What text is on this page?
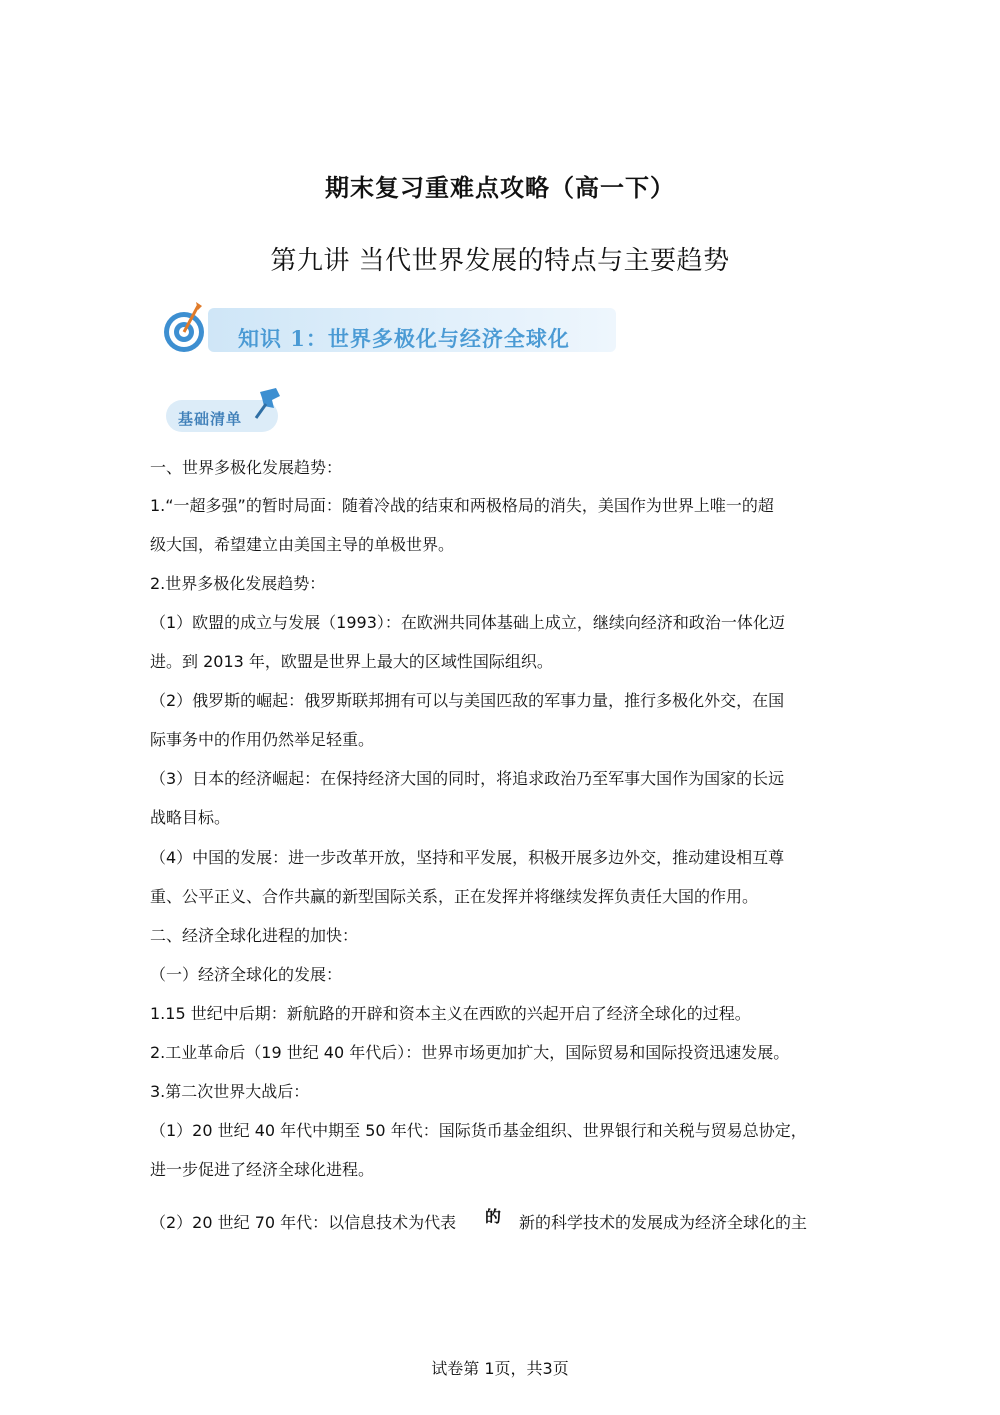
期末复习重难点攻略（高一下）
第九讲 当代世界发展的特点与主要趋势
知识 1：世界多极化与经济全球化
基础清单
一、世界多极化发展趋势：
1.“一超多强”的暂时局面：随着冷战的结束和两极格局的消失，美国作为世界上唯一的超
级大国，希望建立由美国主导的单极世界。
2.世界多极化发展趋势：
（1）欧盟的成立与发展（1993）：在欧洲共同体基础上成立，继续向经济和政治一体化迈
进。到 2013 年，欧盟是世界上最大的区域性国际组织。
（2）俄罗斯的崛起：俄罗斯联邦拥有可以与美国匹敌的军事力量，推行多极化外交，在国
际事务中的作用仍然举足轻重。
（3）日本的经济崛起：在保持经济大国的同时，将追求政治乃至军事大国作为国家的长远
战略目标。
（4）中国的发展：进一步改革开放，坚持和平发展，积极开展多边外交，推动建设相互尊
重、公平正义、合作共赢的新型国际关系，正在发挥并将继续发挥负责任大国的作用。
二、经济全球化进程的加快：
（一）经济全球化的发展：
1.15 世纪中后期：新航路的开辟和资本主义在西欧的兴起开启了经济全球化的过程。
2.工业革命后（19 世纪 40 年代后）：世界市场更加扩大，国际贸易和国际投资迅速发展。
3.第二次世界大战后：
（1）20 世纪 40 年代中期至 50 年代：国际货币基金组织、世界银行和关税与贸易总协定，
进一步促进了经济全球化进程。
（2）20 世纪 70 年代：以信息技术为代表 的 新的科学技术的发展成为经济全球化的主
试卷第 1页，共3页
